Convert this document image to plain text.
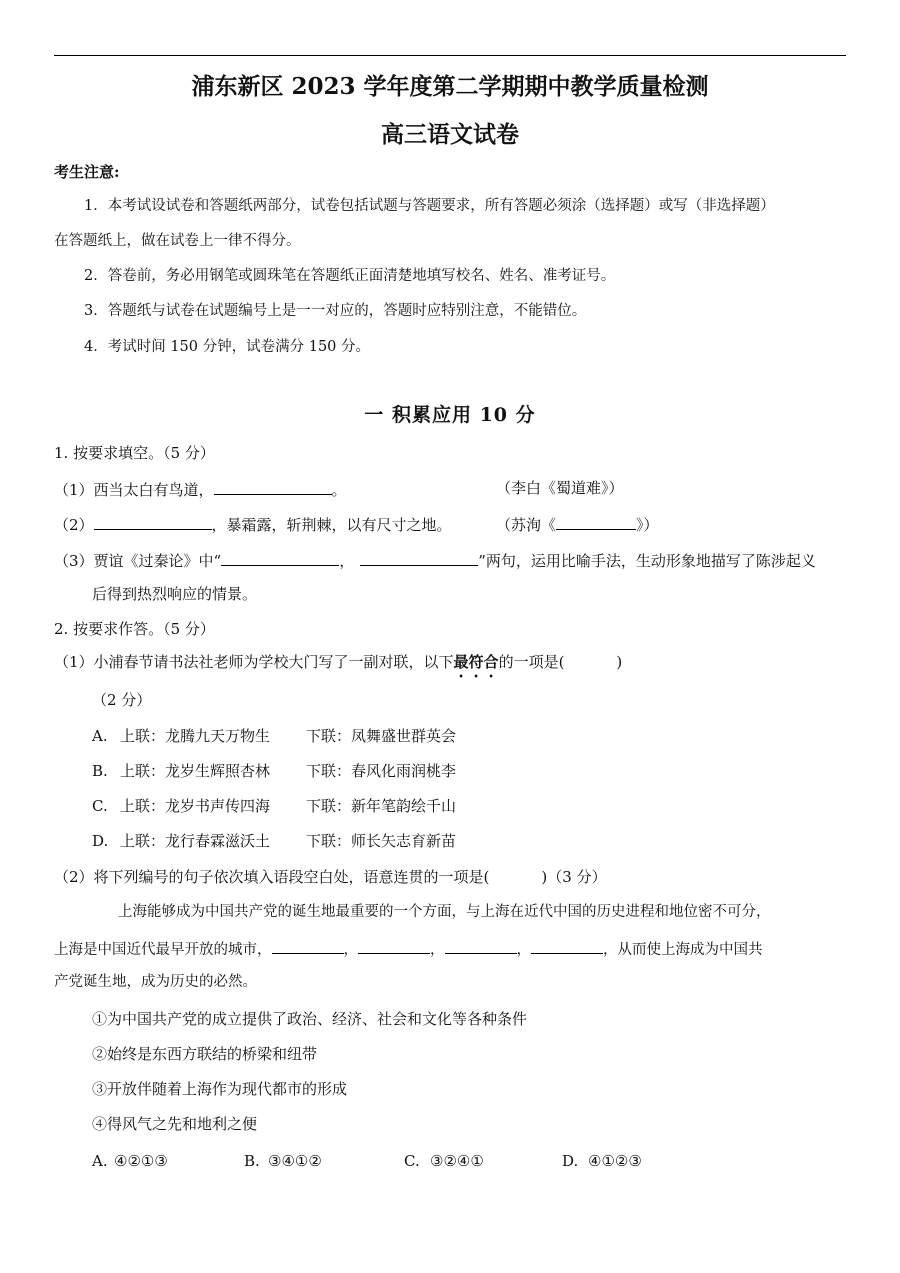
浦东新区 2023 学年度第二学期期中教学质量检测
高三语文试卷
考生注意:
1．本考试设试卷和答题纸两部分，试卷包括试题与答题要求，所有答题必须涂（选择题）或写（非选择题）
在答题纸上，做在试卷上一律不得分。
2．答卷前，务必用钢笔或圆珠笔在答题纸正面清楚地填写校名、姓名、准考证号。
3．答题纸与试卷在试题编号上是一一对应的，答题时应特别注意，不能错位。
4．考试时间 150 分钟，试卷满分 150 分。
一 积累应用 10 分
1. 按要求填空。（5 分）
（1）西当太白有鸟道，	。	（李白《蜀道难》）
（2）	，暴霜露，斩荆棘，以有尺寸之地。	（苏洵《	》）
（3）贾谊《过秦论》中“	，	”两句，运用比喻手法，生动形象地描写了陈涉起义
后得到热烈响应的情景。
2. 按要求作答。（5 分）
（1）小浦春节请书法社老师为学校大门写了一副对联，以下最符合的一项是(	)
（2 分）
A. 上联：龙腾九天万物生 下联：凤舞盛世群英会
B. 上联：龙岁生辉照杏林 下联：春风化雨润桃李
C. 上联：龙岁书声传四海 下联：新年笔韵绘千山
D. 上联：龙行春霖滋沃土 下联：师长矢志育新苗
（2）将下列编号的句子依次填入语段空白处，语意连贯的一项是(	)（3 分）
上海能够成为中国共产党的诞生地最重要的一个方面，与上海在近代中国的历史进程和地位密不可分，
上海是中国近代最早开放的城市，	，	，	，	，从而使上海成为中国共
产党诞生地，成为历史的必然。
①为中国共产党的成立提供了政治、经济、社会和文化等各种条件
②始终是东西方联结的桥梁和纽带
③开放伴随着上海作为现代都市的形成
④得风气之先和地利之便
A. ④②①③	B. ③④①②	C. ③②④①	D. ④①②③
